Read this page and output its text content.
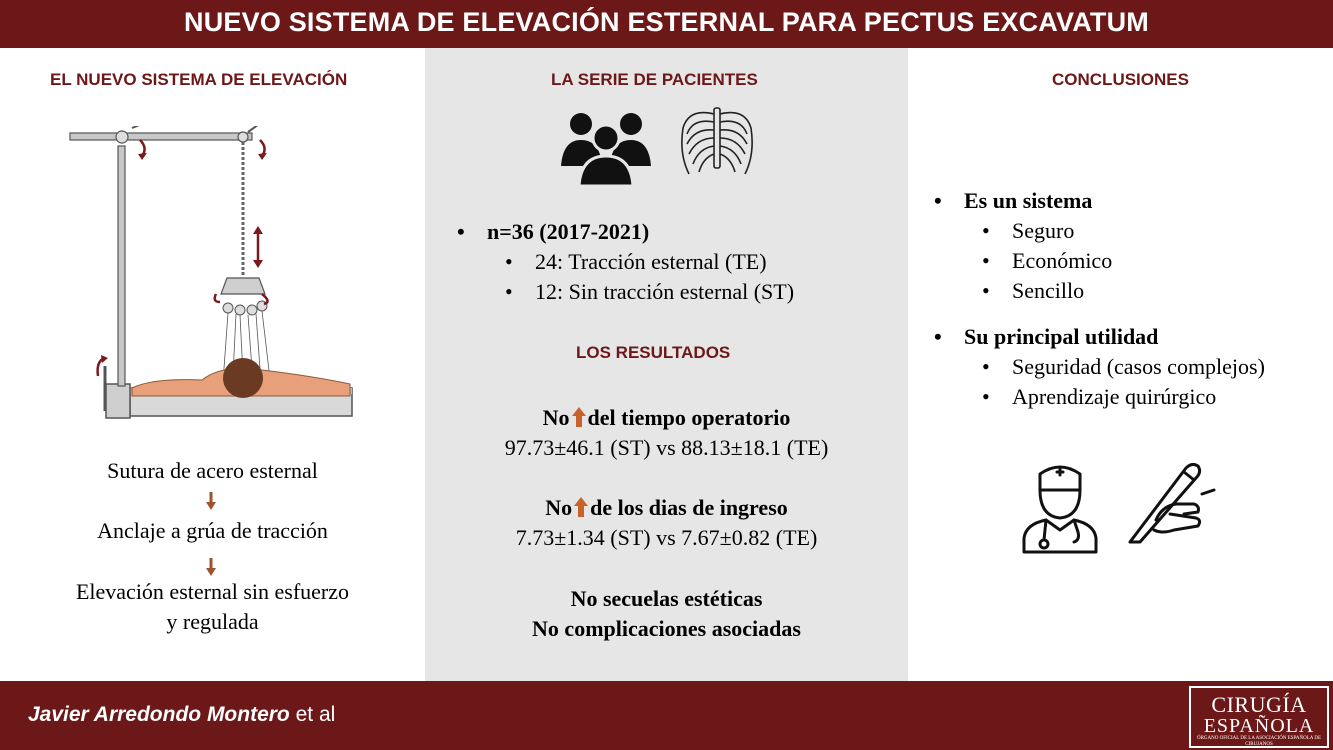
NUEVO SISTEMA DE ELEVACIÓN ESTERNAL PARA PECTUS EXCAVATUM
EL NUEVO SISTEMA DE ELEVACIÓN
Sutura de acero esternal
Anclaje a grúa de tracción
Elevación esternal sin esfuerzo
y regulada
LA SERIE DE PACIENTES
• n=36 (2017-2021)
• 24: Tracción esternal (TE)
• 12: Sin tracción esternal (ST)
LOS RESULTADOS
No del tiempo operatorio
97.73±46.1 (ST) vs 88.13±18.1 (TE)
No de los dias de ingreso
7.73±1.34 (ST) vs 7.67±0.82 (TE)
No secuelas estéticas
No complicaciones asociadas
CONCLUSIONES
• Es un sistema
• Seguro
• Económico
• Sencillo
• Su principal utilidad
• Seguridad (casos complejos)
• Aprendizaje quirúrgico
Javier Arredondo Montero et al	CIRUGÍA
ESPAÑOLA
ÓRGANO OFICIAL DE LA ASOCIACIÓN ESPAÑOLA DE CIRUJANOS
